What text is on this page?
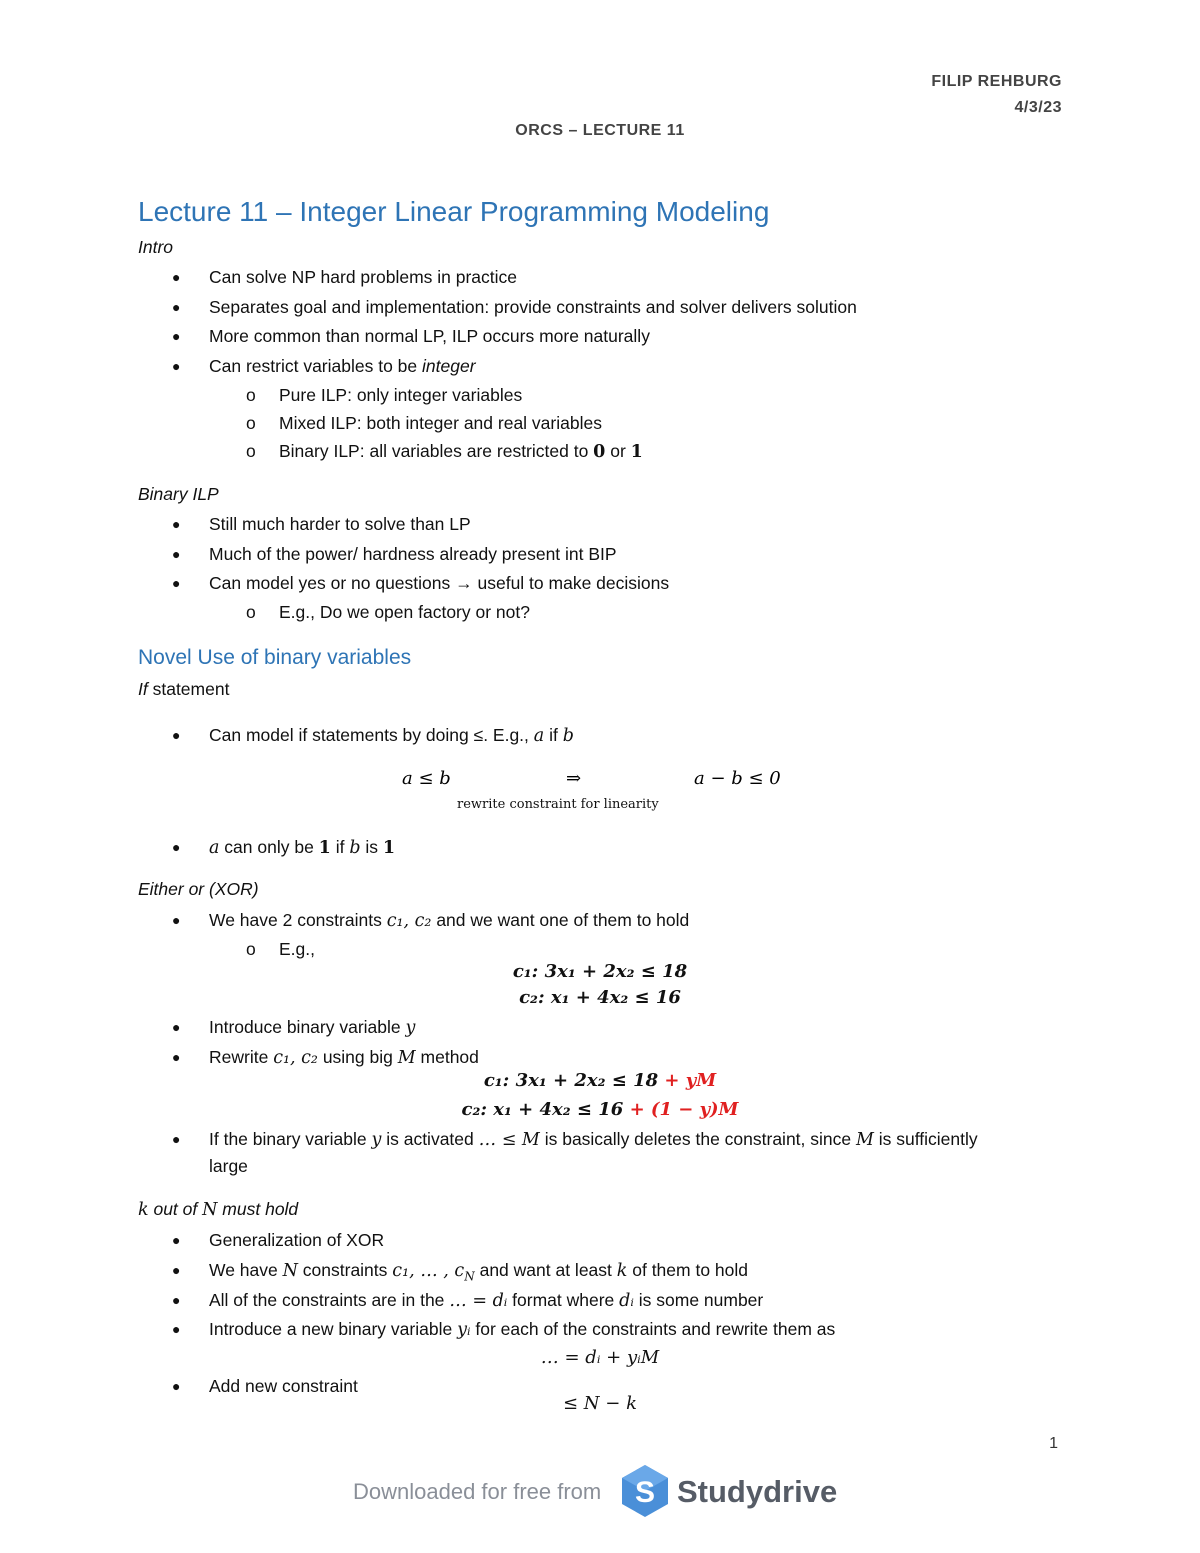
FILIP REHBURG
4/3/23
ORCS – LECTURE 11
Lecture 11 – Integer Linear Programming Modeling
Intro
● Can solve NP hard problems in practice
● Separates goal and implementation: provide constraints and solver delivers solution
● More common than normal LP, ILP occurs more naturally
● Can restrict variables to be integer
o Pure ILP: only integer variables
o Mixed ILP: both integer and real variables
o Binary ILP: all variables are restricted to 0 or 1
Binary ILP
● Still much harder to solve than LP
● Much of the power/ hardness already present int BIP
● Can model yes or no questions → useful to make decisions
o E.g., Do we open factory or not?
Novel Use of binary variables
If statement
● Can model if statements by doing ≤. E.g., a if b
a ≤ b	⇒	a − b ≤ 0
rewrite constraint for linearity
● a can only be 1 if b is 1
Either or (XOR)
● We have 2 constraints c₁, c₂ and we want one of them to hold
o E.g.,
c₁: 3x₁ + 2x₂ ≤ 18
c₂: x₁ + 4x₂ ≤ 16
● Introduce binary variable y
● Rewrite c₁, c₂ using big M method
c₁: 3x₁ + 2x₂ ≤ 18 + yM
c₂: x₁ + 4x₂ ≤ 16 + (1 − y)M
● If the binary variable y is activated … ≤ M is basically deletes the constraint, since M is sufficiently
large
k out of N must hold
● Generalization of XOR
● We have N constraints c₁, … , $c_N$ and want at least k of them to hold
● All of the constraints are in the … = dᵢ format where dᵢ is some number
● Introduce a new binary variable yᵢ for each of the constraints and rewrite them as
… = dᵢ + yᵢM
● Add new constraint
≤ N − k
1
Downloaded for free from S Studydrive
